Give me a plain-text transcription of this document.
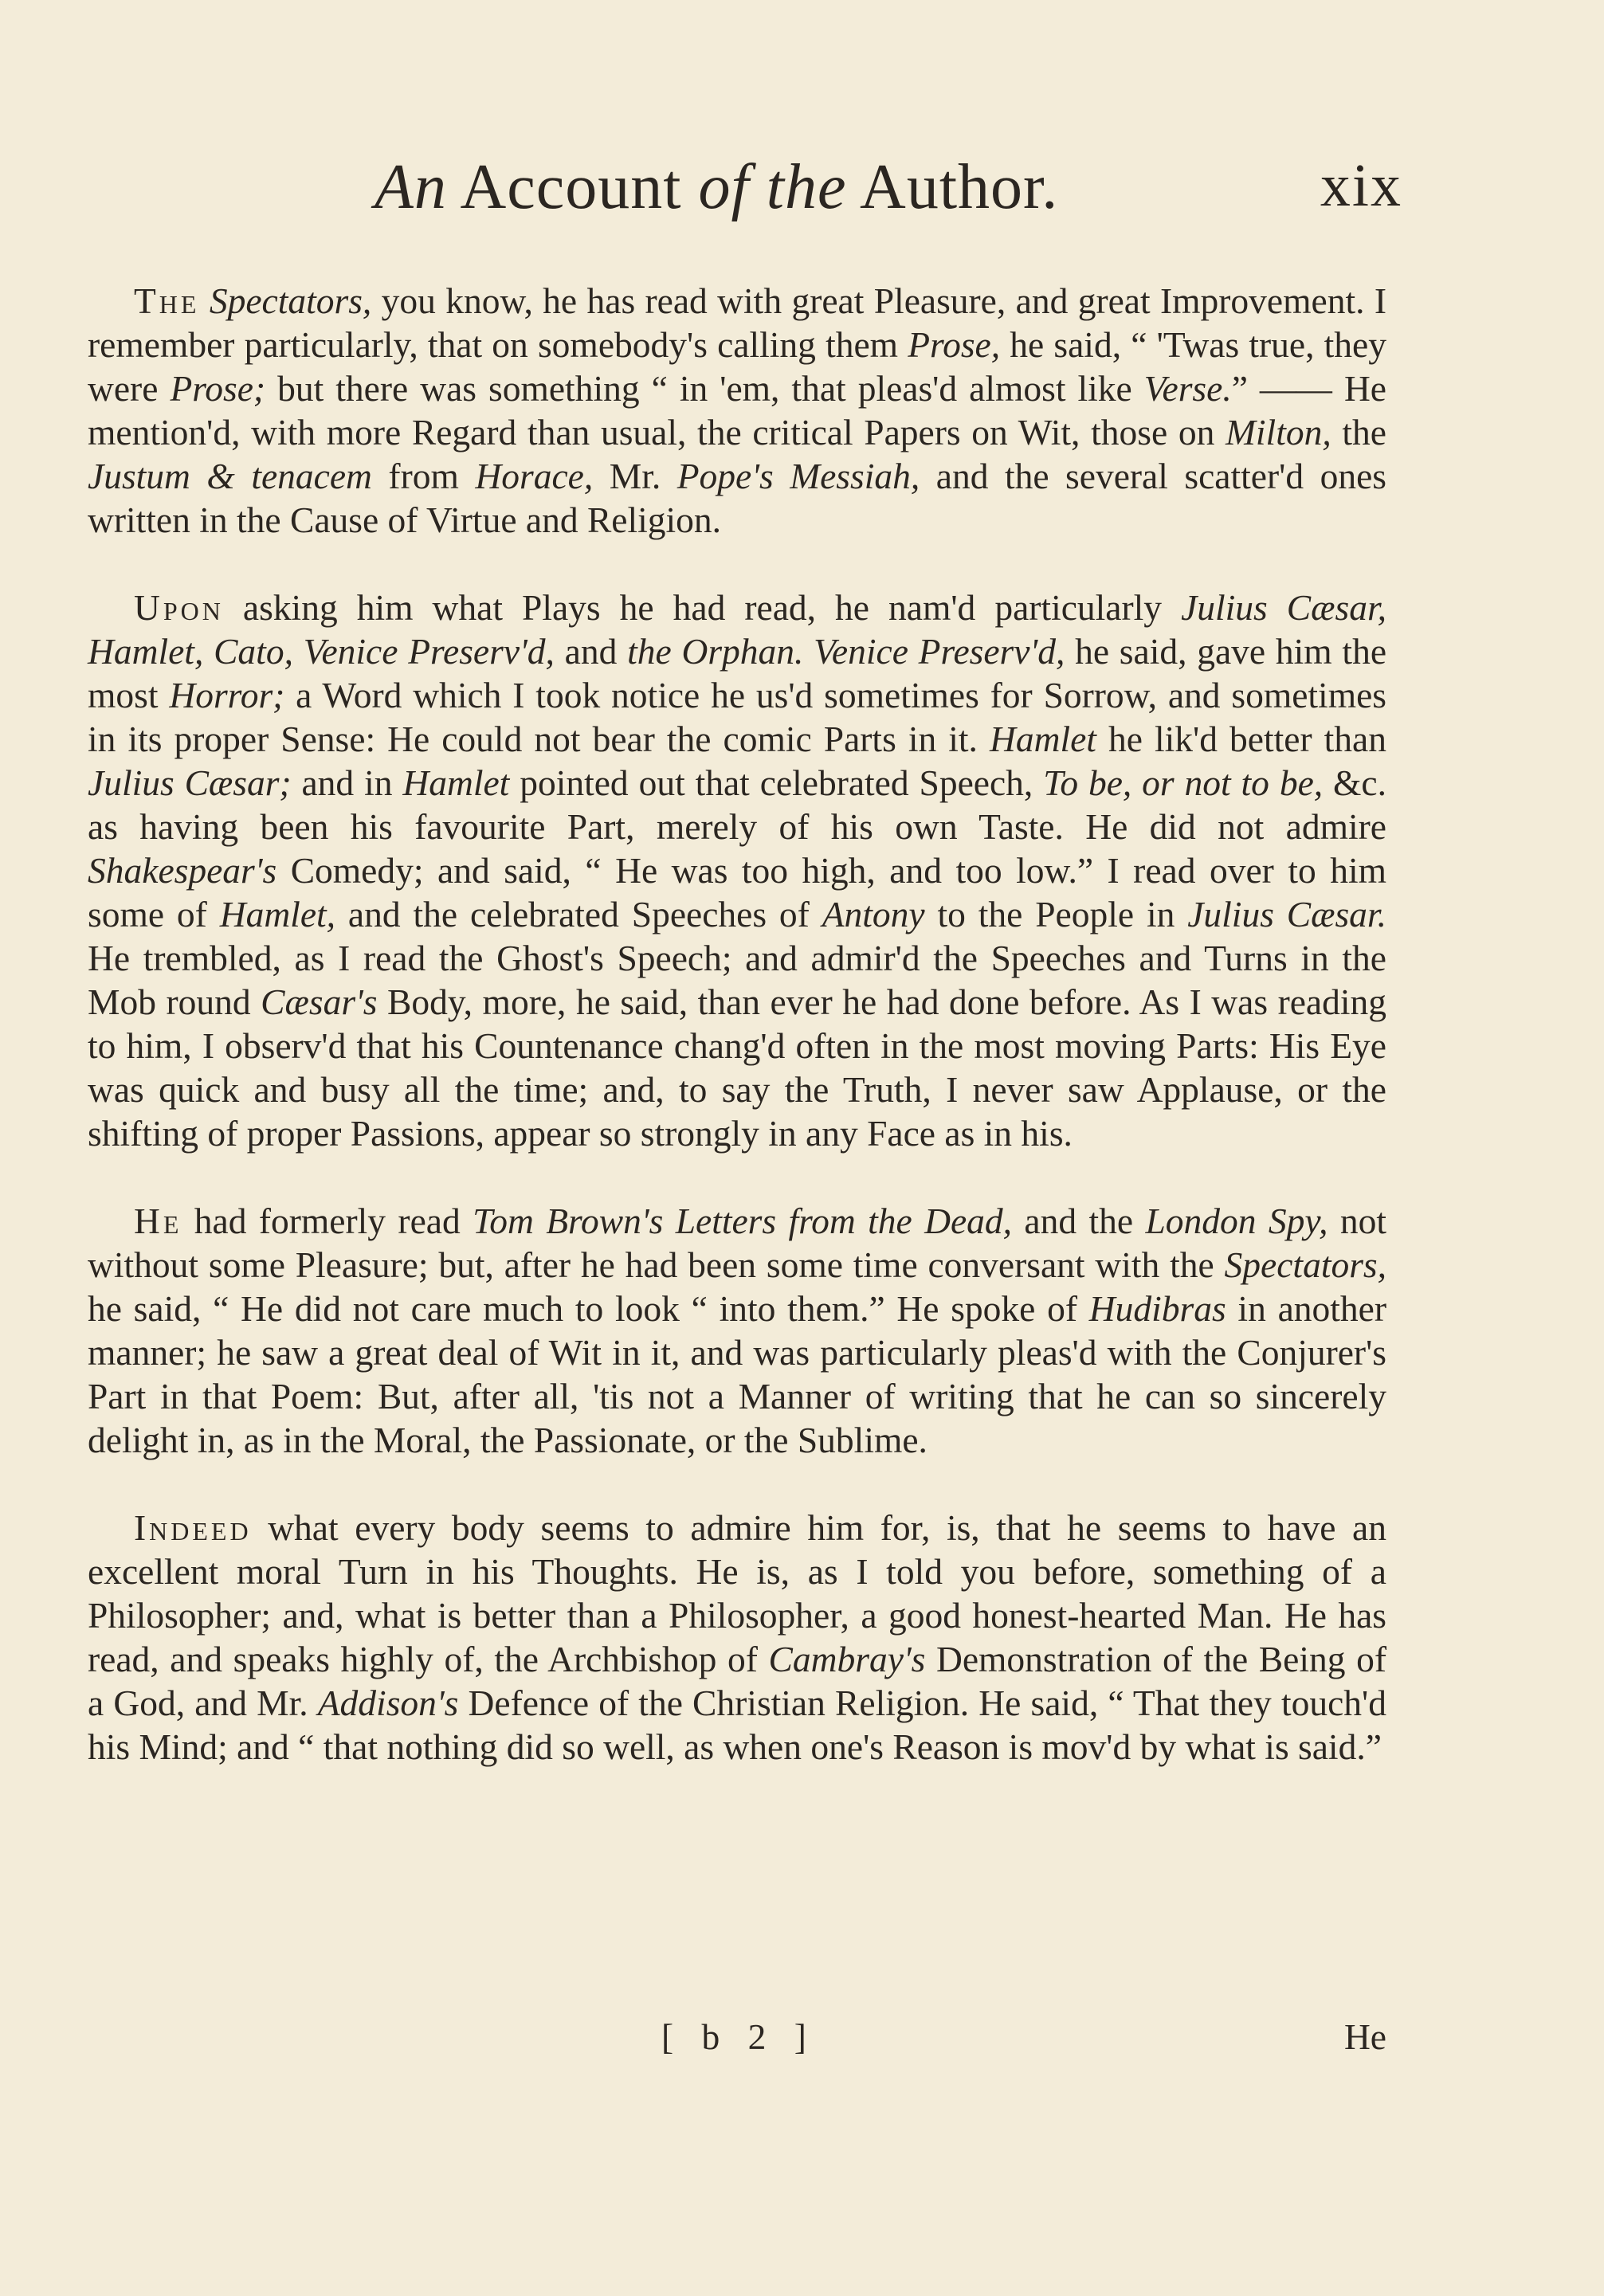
An Account of the Author.	xix

The Spectators, you know, he has read with great Pleasure, and great Improvement. I remember particularly, that on somebody's calling them Prose, he said, “ 'Twas true, they were Prose; but there was something “ in 'em, that pleas'd almost like Verse.” —— He mention'd, with more Regard than usual, the critical Papers on Wit, those on Milton, the Justum & tenacem from Horace, Mr. Pope's Messiah, and the several scatter'd ones written in the Cause of Virtue and Religion.

Upon asking him what Plays he had read, he nam'd particularly Julius Cæsar, Hamlet, Cato, Venice Preserv'd, and the Orphan. Venice Preserv'd, he said, gave him the most Horror; a Word which I took notice he us'd sometimes for Sorrow, and sometimes in its proper Sense: He could not bear the comic Parts in it. Hamlet he lik'd better than Julius Cæsar; and in Hamlet pointed out that celebrated Speech, To be, or not to be, &c. as having been his favourite Part, merely of his own Taste. He did not admire Shakespear's Comedy; and said, “ He was too high, and too low.” I read over to him some of Hamlet, and the celebrated Speeches of Antony to the People in Julius Cæsar. He trembled, as I read the Ghost's Speech; and admir'd the Speeches and Turns in the Mob round Cæsar's Body, more, he said, than ever he had done before. As I was reading to him, I observ'd that his Countenance chang'd often in the most moving Parts: His Eye was quick and busy all the time; and, to say the Truth, I never saw Applause, or the shifting of proper Passions, appear so strongly in any Face as in his.

He had formerly read Tom Brown's Letters from the Dead, and the London Spy, not without some Pleasure; but, after he had been some time conversant with the Spectators, he said, “ He did not care much to look “ into them.” He spoke of Hudibras in another manner; he saw a great deal of Wit in it, and was particularly pleas'd with the Conjurer's Part in that Poem: But, after all, 'tis not a Manner of writing that he can so sincerely delight in, as in the Moral, the Passionate, or the Sublime.

Indeed what every body seems to admire him for, is, that he seems to have an excellent moral Turn in his Thoughts. He is, as I told you before, something of a Philosopher; and, what is better than a Philosopher, a good honest-hearted Man. He has read, and speaks highly of, the Archbishop of Cambray's Demonstration of the Being of a God, and Mr. Addison's Defence of the Christian Religion. He said, “ That they touch'd his Mind; and “ that nothing did so well, as when one's Reason is mov'd by what is said.”

[ b 2 ]	He
